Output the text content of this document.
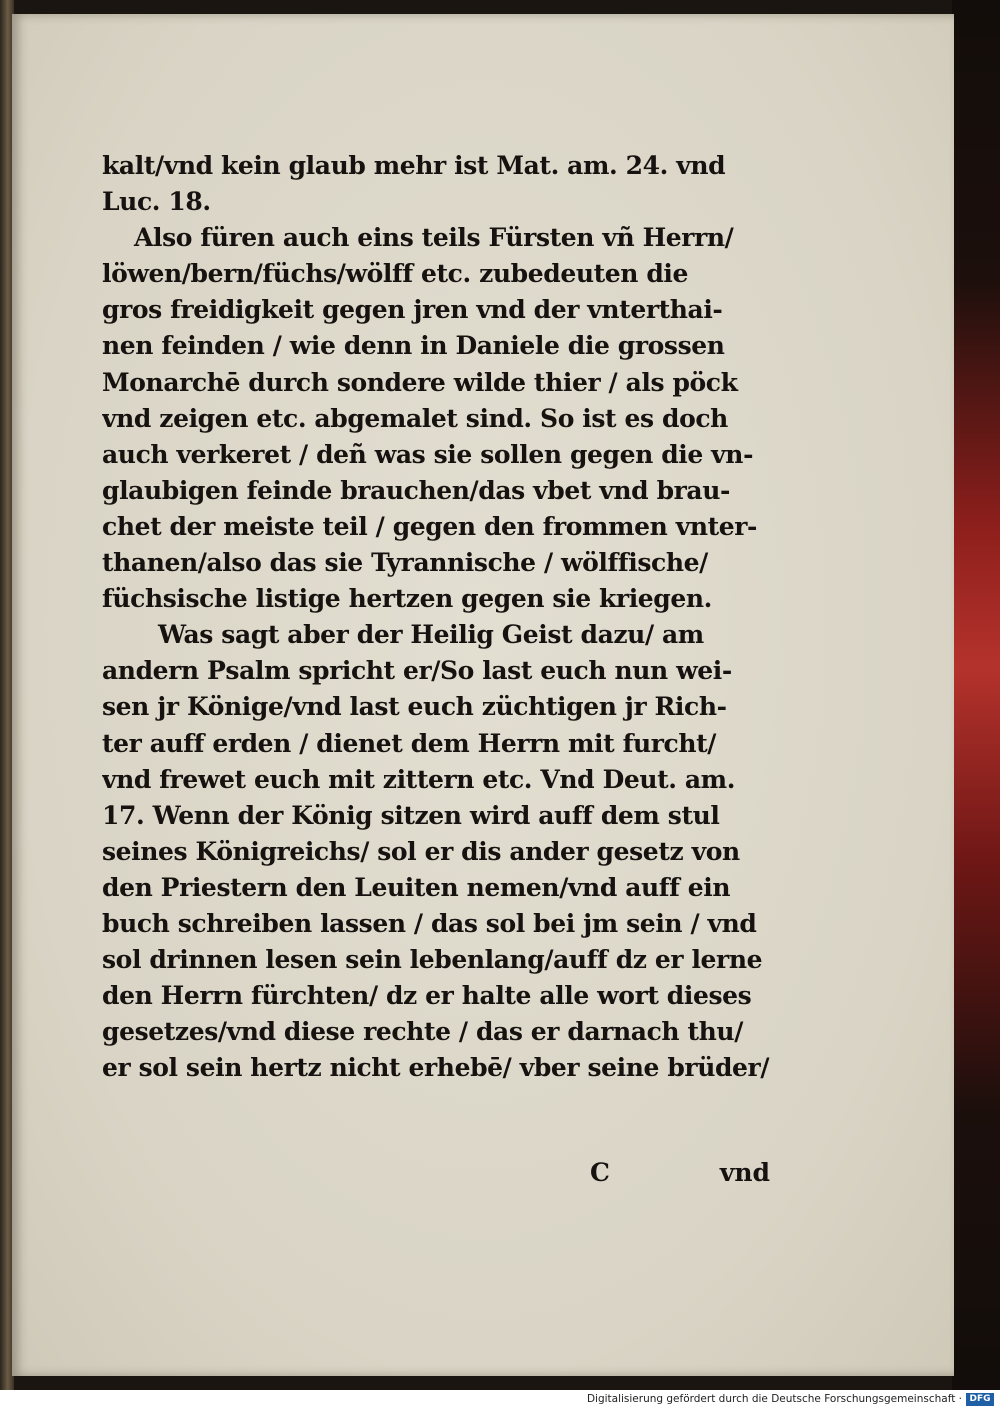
kalt/vnd kein glaub mehr ist Mat. am. 24. vnd
Luc. 18.
Also füren auch eins teils Fürsten vñ Herrn/
löwen/bern/füchs/wölff etc. zubedeuten die
gros freidigkeit gegen jren vnd der vnterthai-
nen feinden / wie denn in Daniele die grossen
Monarchē durch sondere wilde thier / als pöck
vnd zeigen etc. abgemalet sind. So ist es doch
auch verkeret / deñ was sie sollen gegen die vn-
glaubigen feinde brauchen/das vbet vnd brau-
chet der meiste teil / gegen den frommen vnter-
thanen/also das sie Tyrannische / wölffische/
füchsische listige hertzen gegen sie kriegen.
Was sagt aber der Heilig Geist dazu/ am
andern Psalm spricht er/So last euch nun wei-
sen jr Könige/vnd last euch züchtigen jr Rich-
ter auff erden / dienet dem Herrn mit furcht/
vnd frewet euch mit zittern etc. Vnd Deut. am.
17. Wenn der König sitzen wird auff dem stul
seines Königreichs/ sol er dis ander gesetz von
den Priestern den Leuiten nemen/vnd auff ein
buch schreiben lassen / das sol bei jm sein / vnd
sol drinnen lesen sein lebenlang/auff dz er lerne
den Herrn fürchten/ dz er halte alle wort dieses
gesetzes/vnd diese rechte / das er darnach thu/
er sol sein hertz nicht erhebē/ vber seine brüder/
C	vnd
Digitalisierung gefördert durch die Deutsche Forschungsgemeinschaft · DFG
